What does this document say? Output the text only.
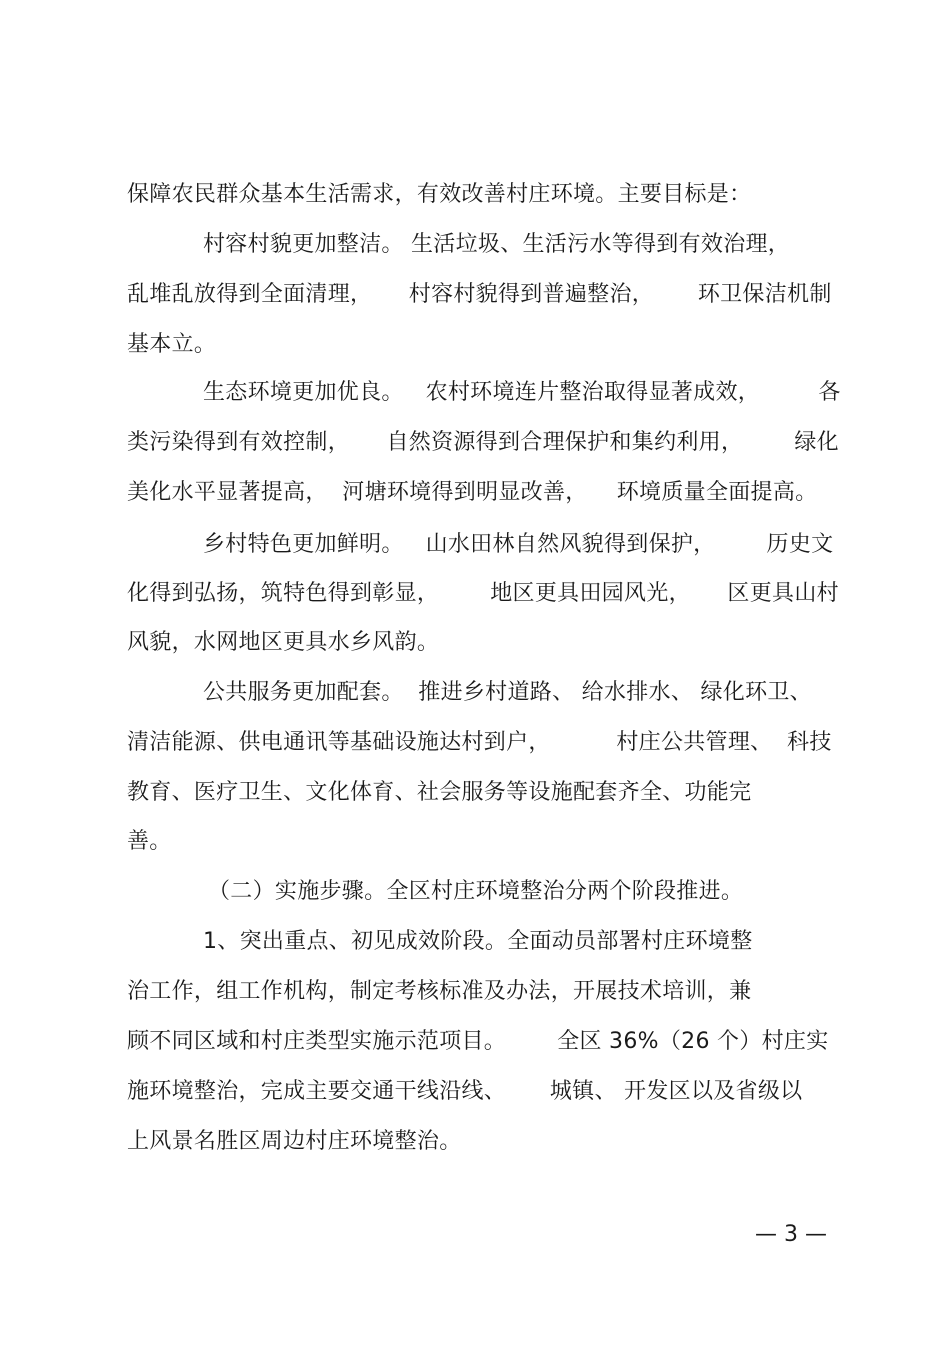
保障农民群众基本生活需求，有效改善村庄环境。主要目标是：
村容村貌更加整洁。 生活垃圾、生活污水等得到有效治理，
乱堆乱放得到全面清理，     村容村貌得到普遍整治，      环卫保洁机制
基本立。
生态环境更加优良。   农村环境连片整治取得显著成效，        各
类污染得到有效控制，     自然资源得到合理保护和集约利用，       绿化
美化水平显著提高，  河塘环境得到明显改善，    环境质量全面提高。
乡村特色更加鲜明。   山水田林自然风貌得到保护，       历史文
化得到弘扬，筑特色得到彰显，       地区更具田园风光，     区更具山村
风貌，水网地区更具水乡风韵。
公共服务更加配套。  推进乡村道路、 给水排水、 绿化环卫、
清洁能源、供电通讯等基础设施达村到户，         村庄公共管理、  科技
教育、医疗卫生、文化体育、社会服务等设施配套齐全、功能完
善。
（二）实施步骤。全区村庄环境整治分两个阶段推进。
1、突出重点、初见成效阶段。全面动员部署村庄环境整
治工作，组工作机构，制定考核标准及办法，开展技术培训，兼
顾不同区域和村庄类型实施示范项目。       全区 36%（26 个）村庄实
施环境整治，完成主要交通干线沿线、      城镇、 开发区以及省级以
上风景名胜区周边村庄环境整治。
— 3 —
